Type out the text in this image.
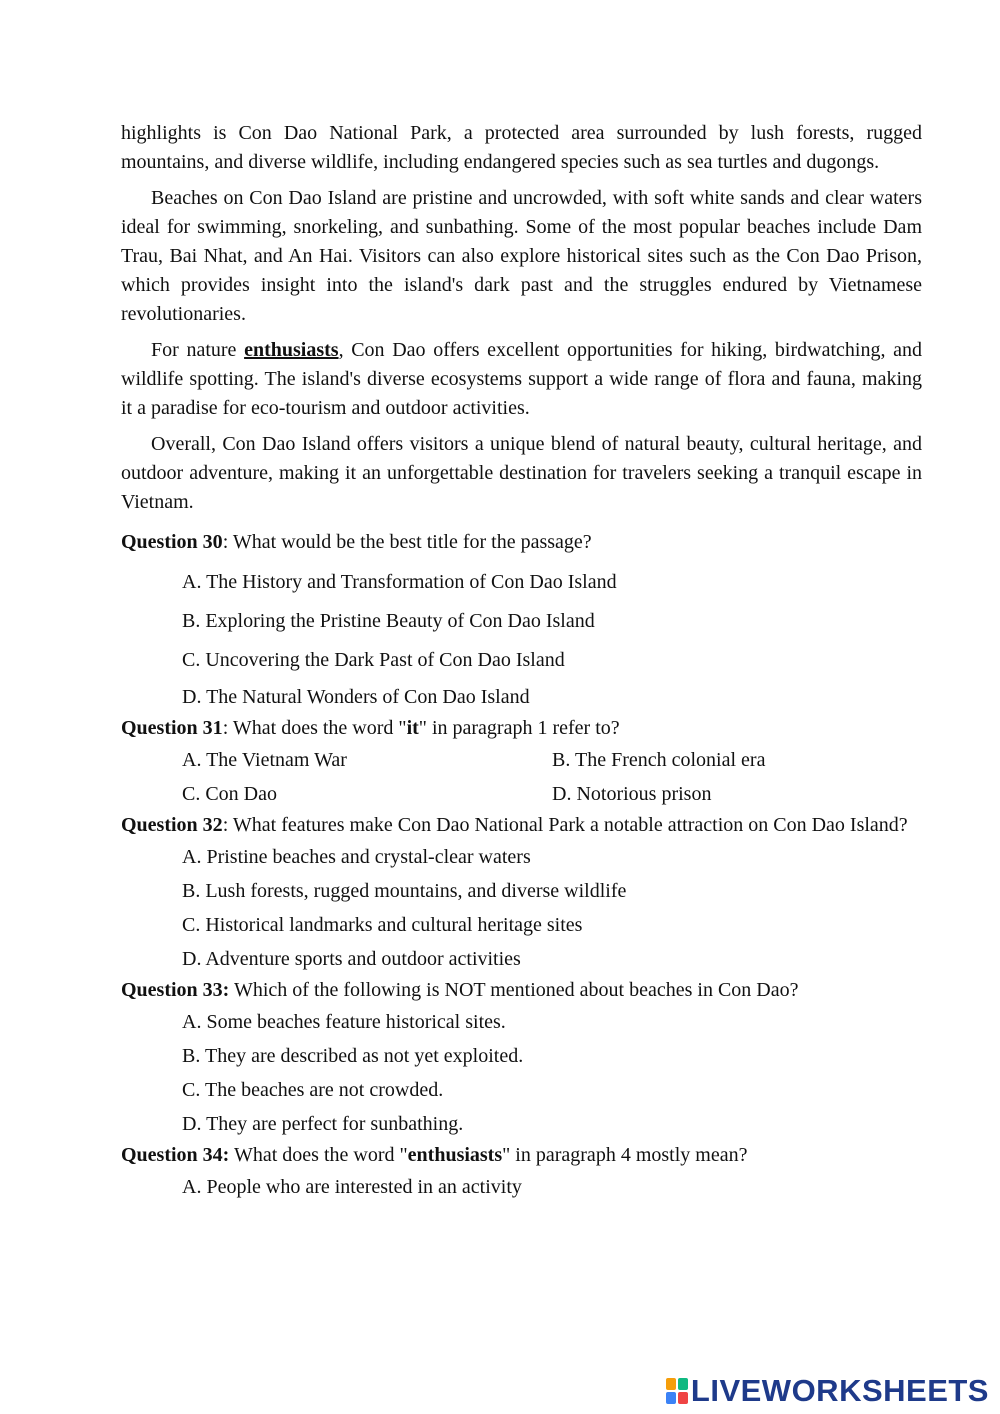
highlights is Con Dao National Park, a protected area surrounded by lush forests, rugged mountains, and diverse wildlife, including endangered species such as sea turtles and dugongs.

Beaches on Con Dao Island are pristine and uncrowded, with soft white sands and clear waters ideal for swimming, snorkeling, and sunbathing. Some of the most popular beaches include Dam Trau, Bai Nhat, and An Hai. Visitors can also explore historical sites such as the Con Dao Prison, which provides insight into the island's dark past and the struggles endured by Vietnamese revolutionaries.

For nature enthusiasts, Con Dao offers excellent opportunities for hiking, birdwatching, and wildlife spotting. The island's diverse ecosystems support a wide range of flora and fauna, making it a paradise for eco-tourism and outdoor activities.

Overall, Con Dao Island offers visitors a unique blend of natural beauty, cultural heritage, and outdoor adventure, making it an unforgettable destination for travelers seeking a tranquil escape in Vietnam.

Question 30: What would be the best title for the passage?
A. The History and Transformation of Con Dao Island
B. Exploring the Pristine Beauty of Con Dao Island
C. Uncovering the Dark Past of Con Dao Island
D. The Natural Wonders of Con Dao Island
Question 31: What does the word "it" in paragraph 1 refer to?
A. The Vietnam War	B. The French colonial era
C. Con Dao	D. Notorious prison
Question 32: What features make Con Dao National Park a notable attraction on Con Dao Island?
A. Pristine beaches and crystal-clear waters
B. Lush forests, rugged mountains, and diverse wildlife
C. Historical landmarks and cultural heritage sites
D. Adventure sports and outdoor activities
Question 33: Which of the following is NOT mentioned about beaches in Con Dao?
A. Some beaches feature historical sites.
B. They are described as not yet exploited.
C. The beaches are not crowded.
D. They are perfect for sunbathing.
Question 34: What does the word "enthusiasts" in paragraph 4 mostly mean?
A. People who are interested in an activity
LIVEWORKSHEETS
